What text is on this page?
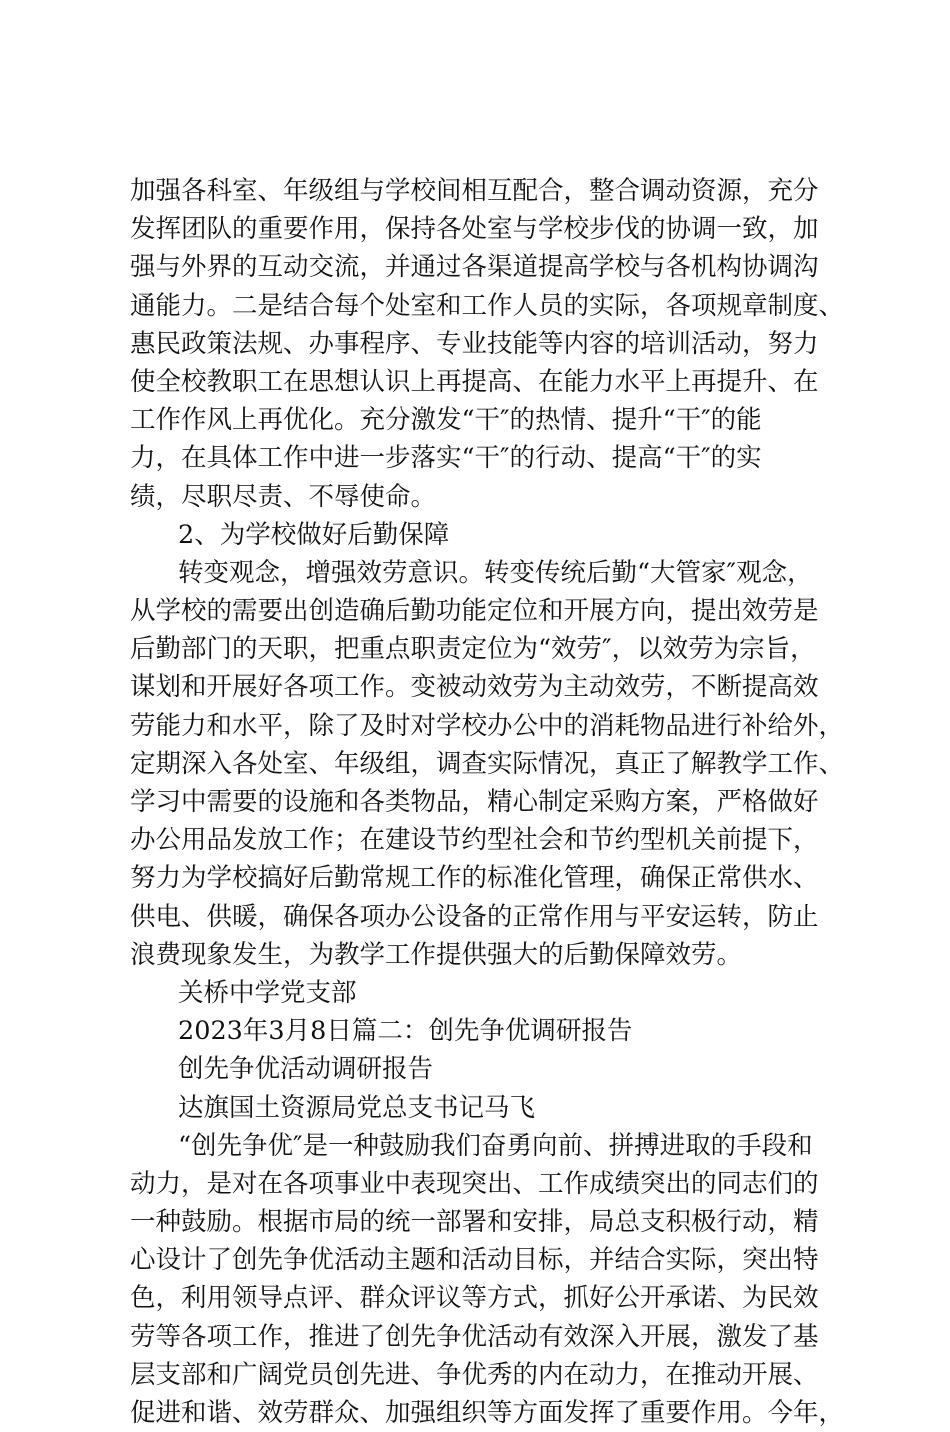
加强各科室、年级组与学校间相互配合，整合调动资源，充分
发挥团队的重要作用，保持各处室与学校步伐的协调一致，加
强与外界的互动交流，并通过各渠道提高学校与各机构协调沟
通能力。二是结合每个处室和工作人员的实际，各项规章制度、
惠民政策法规、办事程序、专业技能等内容的培训活动，努力
使全校教职工在思想认识上再提高、在能力水平上再提升、在
工作作风上再优化。充分激发“干″的热情、提升“干″的能
力，在具体工作中进一步落实“干″的行动、提高“干″的实
绩，尽职尽责、不辱使命。
2、为学校做好后勤保障
转变观念，增强效劳意识。转变传统后勤“大管家″观念，
从学校的需要出创造确后勤功能定位和开展方向，提出效劳是
后勤部门的天职，把重点职责定位为“效劳″，以效劳为宗旨，
谋划和开展好各项工作。变被动效劳为主动效劳，不断提高效
劳能力和水平，除了及时对学校办公中的消耗物品进行补给外，
定期深入各处室、年级组，调查实际情况，真正了解教学工作、
学习中需要的设施和各类物品，精心制定采购方案，严格做好
办公用品发放工作；在建设节约型社会和节约型机关前提下，
努力为学校搞好后勤常规工作的标准化管理，确保正常供水、
供电、供暖，确保各项办公设备的正常作用与平安运转，防止
浪费现象发生，为教学工作提供强大的后勤保障效劳。
关桥中学党支部
2023年3月8日篇二：创先争优调研报告
创先争优活动调研报告
达旗国土资源局党总支书记马飞
“创先争优″是一种鼓励我们奋勇向前、拼搏进取的手段和
动力，是对在各项事业中表现突出、工作成绩突出的同志们的
一种鼓励。根据市局的统一部署和安排，局总支积极行动，精
心设计了创先争优活动主题和活动目标，并结合实际，突出特
色，利用领导点评、群众评议等方式，抓好公开承诺、为民效
劳等各项工作，推进了创先争优活动有效深入开展，激发了基
层支部和广阔党员创先进、争优秀的内在动力，在推动开展、
促进和谐、效劳群众、加强组织等方面发挥了重要作用。今年，
